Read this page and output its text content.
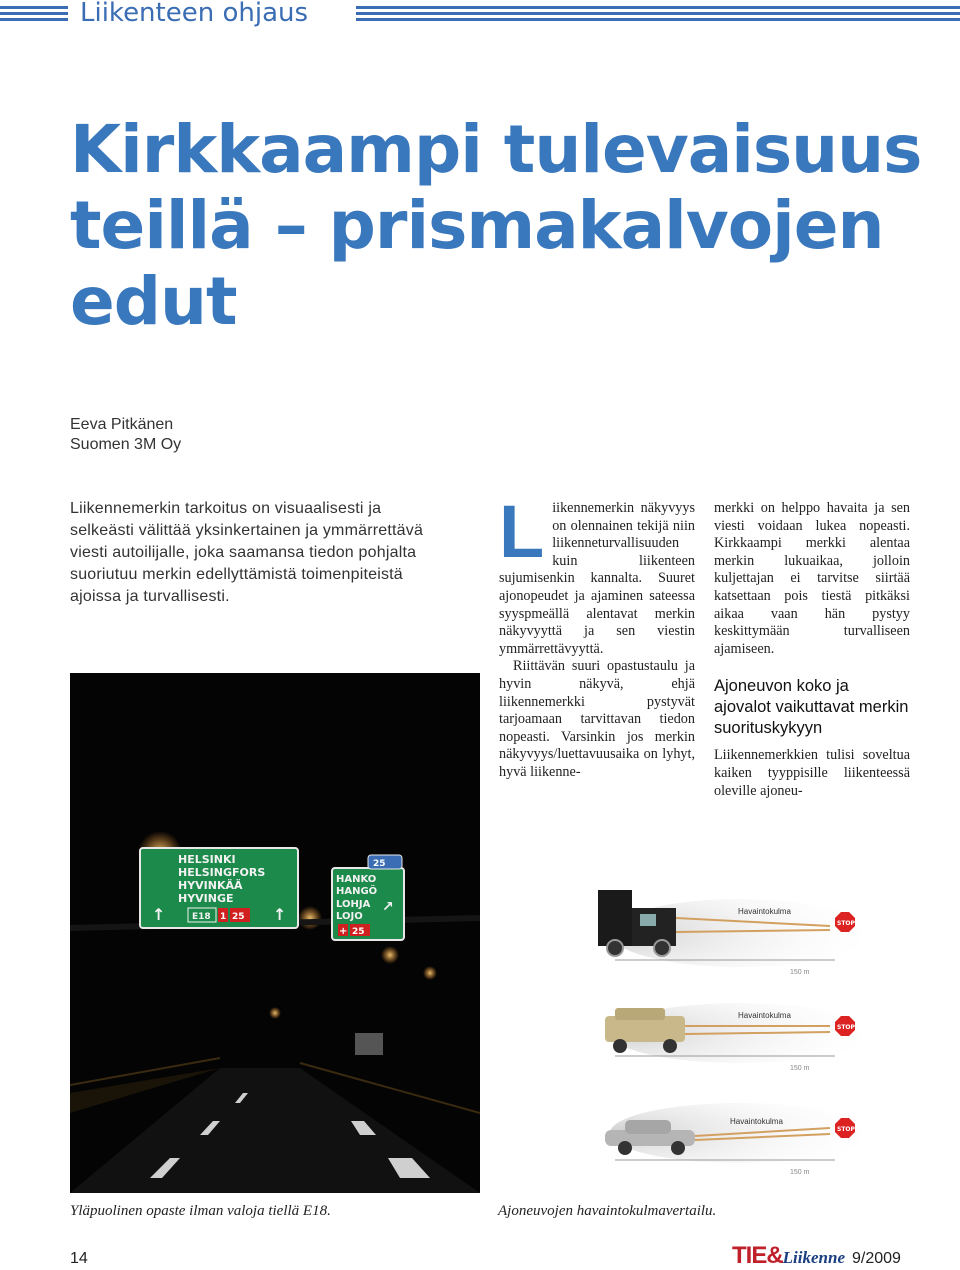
Liikenteen ohjaus
Kirkkaampi tulevaisuus teillä – prismakalvojen edut
Eeva Pitkänen
Suomen 3M Oy
Liikennemerkin tarkoitus on visuaalisesti ja selkeästi välittää yksinkertainen ja ymmärrettävä viesti autoilijalle, joka saamansa tiedon pohjalta suoriutuu merkin edellyttämistä toimenpiteistä ajoissa ja turvallisesti.

Liikennemerkin näkyvyys on olennainen tekijä niin liikenneturvallisuuden kuin liikenteen sujumisenkin kannalta. Suuret ajonopeudet ja ajaminen sateessa syyspmeällä alentavat merkin näkyvyyttä ja sen viestin ymmärrettävyyttä.

Riittävän suuri opastustaulu ja hyvin näkyvä, ehjä liikennemerkki pystyvät tarjoamaan tarvittavan tiedon nopeasti. Varsinkin jos merkin näkyvyys/luettavuusaika on lyhyt, hyvä liikenne-

merkki on helppo havaita ja sen viesti voidaan lukea nopeasti. Kirkkaampi merkki alentaa merkin lukuaikaa, jolloin kuljettajan ei tarvitse siirtää katsettaan pois tiestä pitkäksi aikaa vaan hän pystyy keskittymään turvalliseen ajamiseen.

Ajoneuvon koko ja ajovalot vaikuttavat merkin suorituskykyyn

Liikennemerkkien tulisi soveltua kaiken tyyppisille liikenteessä oleville ajoneu-

HELSINKI
HELSINGFORS
HYVINKÄÄ
HYVINGE
↑	↑
E18 1 25
25
HANKO
HANGÖ
LOHJA
LOJO
↗
+ 25
STOP
Havaintokulma
150 m
STOP
Havaintokulma
150 m
STOP
Havaintokulma
150 m
Yläpuolinen opaste ilman valoja tiellä E18.	Ajoneuvojen havaintokulmavertailu.
14	TIE&Liikenne 9/2009
